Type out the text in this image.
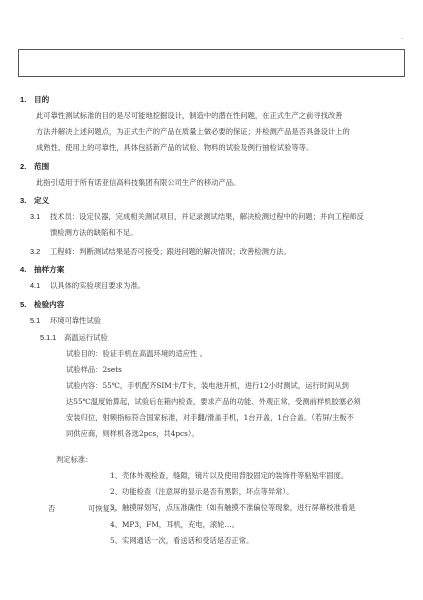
·
1. 目的
此可靠性测试标准的目的是尽可能地挖掘设计，制造中的潜在性问题，在正式生产之前寻找改善
方法并解决上述问题点，为正式生产的产品在质量上做必要的保证；并检测产品是否具备设计上的
成熟性、使用上的可靠性，具体包括新产品的试验、物料的试验及例行抽检试验等等。
2. 范围
此指引适用于所有诺亚信高科技集团有限公司生产的移动产品。
3. 定义
3.1 技术员：设定仪器，完成相关测试项目，并记录测试结果，解决检测过程中的问题；并向工程师反
馈检测方法的缺陷和不足。
3.2 工程师：判断测试结果是否可接受；跟进问题的解决情况；改善检测方法。
4. 抽样方案
4.1 以具体的实验项目要求为准。
5. 检验内容
5.1 环境可靠性试验
5.1.1 高温运行试验
试验目的：验证手机在高温环境的适应性 。
试验样品：2sets
试验内容：55℃，手机配齐SIM卡/T卡，装电池开机，进行12小时测试，运行时间从到
达55℃温度始算起，试验后在箱内检查，要求产品的功能、外观正常，受测前样机胶塞必须
安装归位，射频指标符合国家标准，对手翻/滑盖手机，1台开盖，1台合盖。（若屏/主板不
同供应商，则样机各选2pcs，共4pcs）。
判定标准：
1、壳体外观检查，缝隙，镜片以及使用背胶固定的装饰件等粘贴牢固度。
2、功能检查（注意屏的显示是否有黑影，坏点等异常）。
3、触摸屏划写，点压准确性（如有触摸不准偏位等现象，进行屏幕校准看是
否	可恢复）。
4、MP3，FM，耳机，充电，滚轮…。
5、实网通话一次，看送话和受话是否正常。
